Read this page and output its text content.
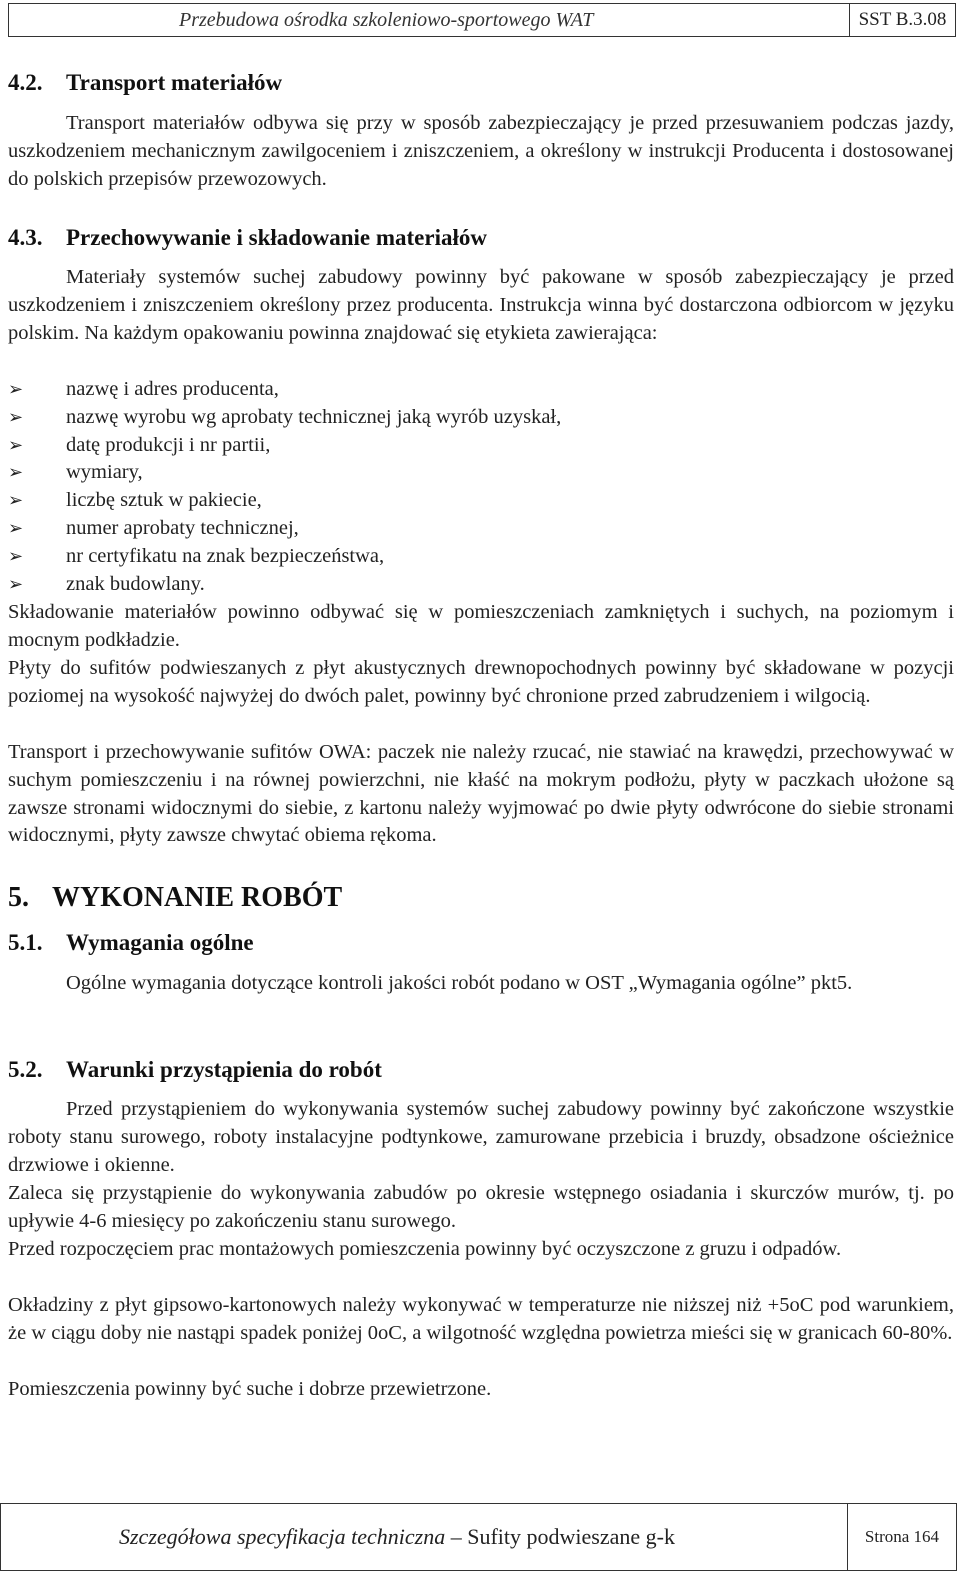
Przebudowa ośrodka szkoleniowo-sportowego WAT	SST B.3.08
4.2. Transport materiałów

Transport materiałów odbywa się przy w sposób zabezpieczający je przed przesuwaniem podczas jazdy, uszkodzeniem mechanicznym zawilgoceniem i zniszczeniem, a określony w instrukcji Producenta i dostosowanej do polskich przepisów przewozowych.

4.3. Przechowywanie i składowanie materiałów

Materiały systemów suchej zabudowy powinny być pakowane w sposób zabezpieczający je przed uszkodzeniem i zniszczeniem określony przez producenta. Instrukcja winna być dostarczona odbiorcom w języku polskim. Na każdym opakowaniu powinna znajdować się etykieta zawierająca:

➢ nazwę i adres producenta,
➢ nazwę wyrobu wg aprobaty technicznej jaką wyrób uzyskał,
➢ datę produkcji i nr partii,
➢ wymiary,
➢ liczbę sztuk w pakiecie,
➢ numer aprobaty technicznej,
➢ nr certyfikatu na znak bezpieczeństwa,
➢ znak budowlany.

Składowanie materiałów powinno odbywać się w pomieszczeniach zamkniętych i suchych, na poziomym i mocnym podkładzie.

Płyty do sufitów podwieszanych z płyt akustycznych drewnopochodnych powinny być składowane w pozycji poziomej na wysokość najwyżej do dwóch palet, powinny być chronione przed zabrudzeniem i wilgocią.

Transport i przechowywanie sufitów OWA: paczek nie należy rzucać, nie stawiać na krawędzi, przechowywać w suchym pomieszczeniu i na równej powierzchni, nie kłaść na mokrym podłożu, płyty w paczkach ułożone są zawsze stronami widocznymi do siebie, z kartonu należy wyjmować po dwie płyty odwrócone do siebie stronami widocznymi, płyty zawsze chwytać obiema rękoma.

5. WYKONANIE ROBÓT
5.1. Wymagania ogólne

Ogólne wymagania dotyczące kontroli jakości robót podano w OST „Wymagania ogólne” pkt5.

5.2. Warunki przystąpienia do robót

Przed przystąpieniem do wykonywania systemów suchej zabudowy powinny być zakończone wszystkie roboty stanu surowego, roboty instalacyjne podtynkowe, zamurowane przebicia i bruzdy, obsadzone ościeżnice drzwiowe i okienne.

Zaleca się przystąpienie do wykonywania zabudów po okresie wstępnego osiadania i skurczów murów, tj. po upływie 4-6 miesięcy po zakończeniu stanu surowego.

Przed rozpoczęciem prac montażowych pomieszczenia powinny być oczyszczone z gruzu i odpadów.

Okładziny z płyt gipsowo-kartonowych należy wykonywać w temperaturze nie niższej niż +5oC pod warunkiem, że w ciągu doby nie nastąpi spadek poniżej 0oC, a wilgotność względna powietrza mieści się w granicach 60-80%.

Pomieszczenia powinny być suche i dobrze przewietrzone.

Szczegółowa specyfikacja techniczna – Sufity podwieszane g-k	Strona 164
